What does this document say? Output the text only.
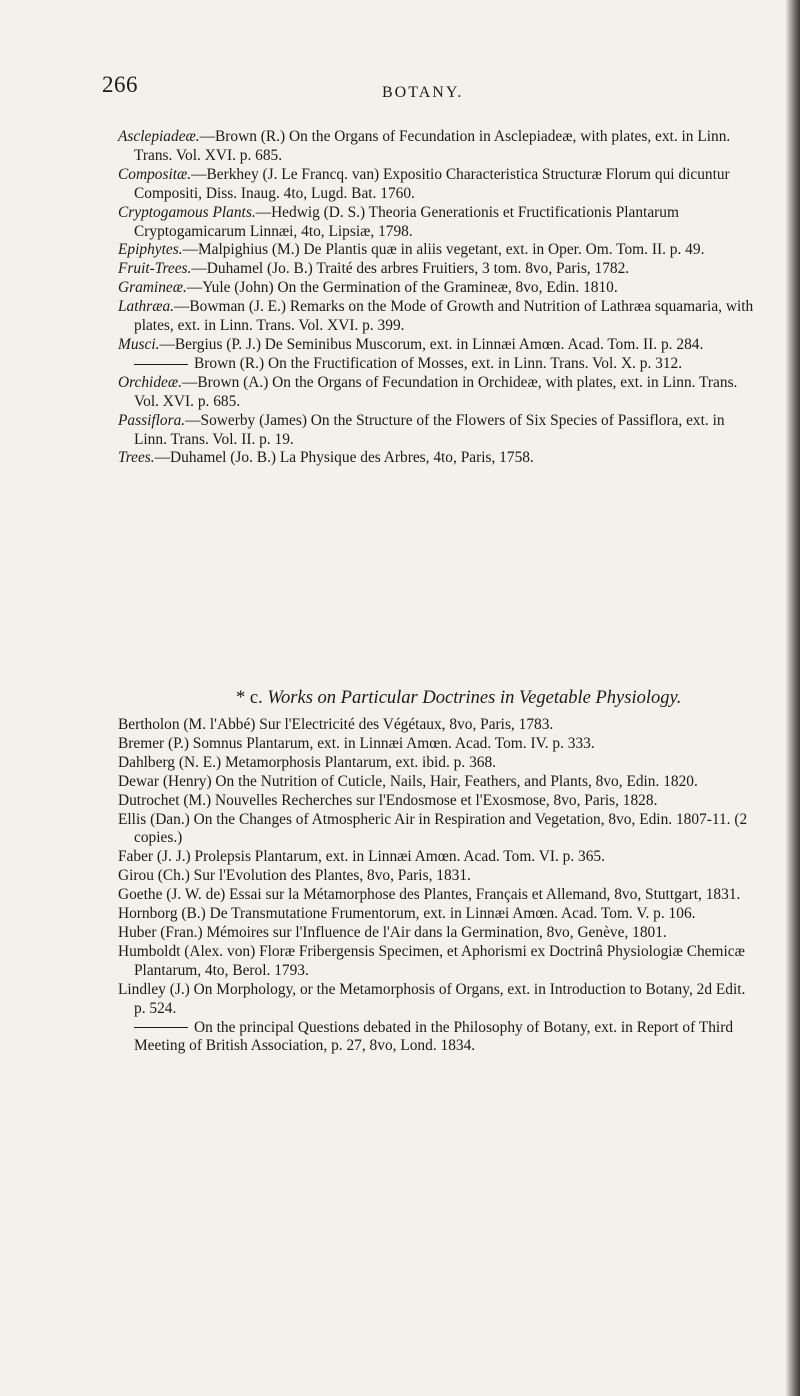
266	BOTANY.

Asclepiadeæ.—Brown (R.) On the Organs of Fecundation in Asclepiadeæ, with plates, ext. in Linn. Trans. Vol. XVI. p. 685.

Compositæ.—Berkhey (J. Le Francq. van) Expositio Characteristica Structuræ Florum qui dicuntur Compositi, Diss. Inaug. 4to, Lugd. Bat. 1760.

Cryptogamous Plants.—Hedwig (D. S.) Theoria Generationis et Fructificationis Plantarum Cryptogamicarum Linnæi, 4to, Lipsiæ, 1798.

Epiphytes.—Malpighius (M.) De Plantis quæ in aliis vegetant, ext. in Oper. Om. Tom. II. p. 49.

Fruit-Trees.—Duhamel (Jo. B.) Traité des arbres Fruitiers, 3 tom. 8vo, Paris, 1782.

Gramineæ.—Yule (John) On the Germination of the Gramineæ, 8vo, Edin. 1810.

Lathræa.—Bowman (J. E.) Remarks on the Mode of Growth and Nutrition of Lathræa squamaria, with plates, ext. in Linn. Trans. Vol. XVI. p. 399.

Musci.—Bergius (P. J.) De Seminibus Muscorum, ext. in Linnæi Amœn. Acad. Tom. II. p. 284.

Brown (R.) On the Fructification of Mosses, ext. in Linn. Trans. Vol. X. p. 312.

Orchideæ.—Brown (A.) On the Organs of Fecundation in Orchideæ, with plates, ext. in Linn. Trans. Vol. XVI. p. 685.

Passiflora.—Sowerby (James) On the Structure of the Flowers of Six Species of Passiflora, ext. in Linn. Trans. Vol. II. p. 19.

Trees.—Duhamel (Jo. B.) La Physique des Arbres, 4to, Paris, 1758.

* c. Works on Particular Doctrines in Vegetable Physiology.

Bertholon (M. l'Abbé) Sur l'Electricité des Végétaux, 8vo, Paris, 1783.

Bremer (P.) Somnus Plantarum, ext. in Linnæi Amœn. Acad. Tom. IV. p. 333.

Dahlberg (N. E.) Metamorphosis Plantarum, ext. ibid. p. 368.

Dewar (Henry) On the Nutrition of Cuticle, Nails, Hair, Feathers, and Plants, 8vo, Edin. 1820.

Dutrochet (M.) Nouvelles Recherches sur l'Endosmose et l'Exosmose, 8vo, Paris, 1828.

Ellis (Dan.) On the Changes of Atmospheric Air in Respiration and Vegetation, 8vo, Edin. 1807-11. (2 copies.)

Faber (J. J.) Prolepsis Plantarum, ext. in Linnæi Amœn. Acad. Tom. VI. p. 365.

Girou (Ch.) Sur l'Evolution des Plantes, 8vo, Paris, 1831.

Goethe (J. W. de) Essai sur la Métamorphose des Plantes, Français et Allemand, 8vo, Stuttgart, 1831.

Hornborg (B.) De Transmutatione Frumentorum, ext. in Linnæi Amœn. Acad. Tom. V. p. 106.

Huber (Fran.) Mémoires sur l'Influence de l'Air dans la Germination, 8vo, Genève, 1801.

Humboldt (Alex. von) Floræ Fribergensis Specimen, et Aphorismi ex Doctrinâ Physiologiæ Chemicæ Plantarum, 4to, Berol. 1793.

Lindley (J.) On Morphology, or the Metamorphosis of Organs, ext. in Introduction to Botany, 2d Edit. p. 524.

On the principal Questions debated in the Philosophy of Botany, ext. in Report of Third Meeting of British Association, p. 27, 8vo, Lond. 1834.
